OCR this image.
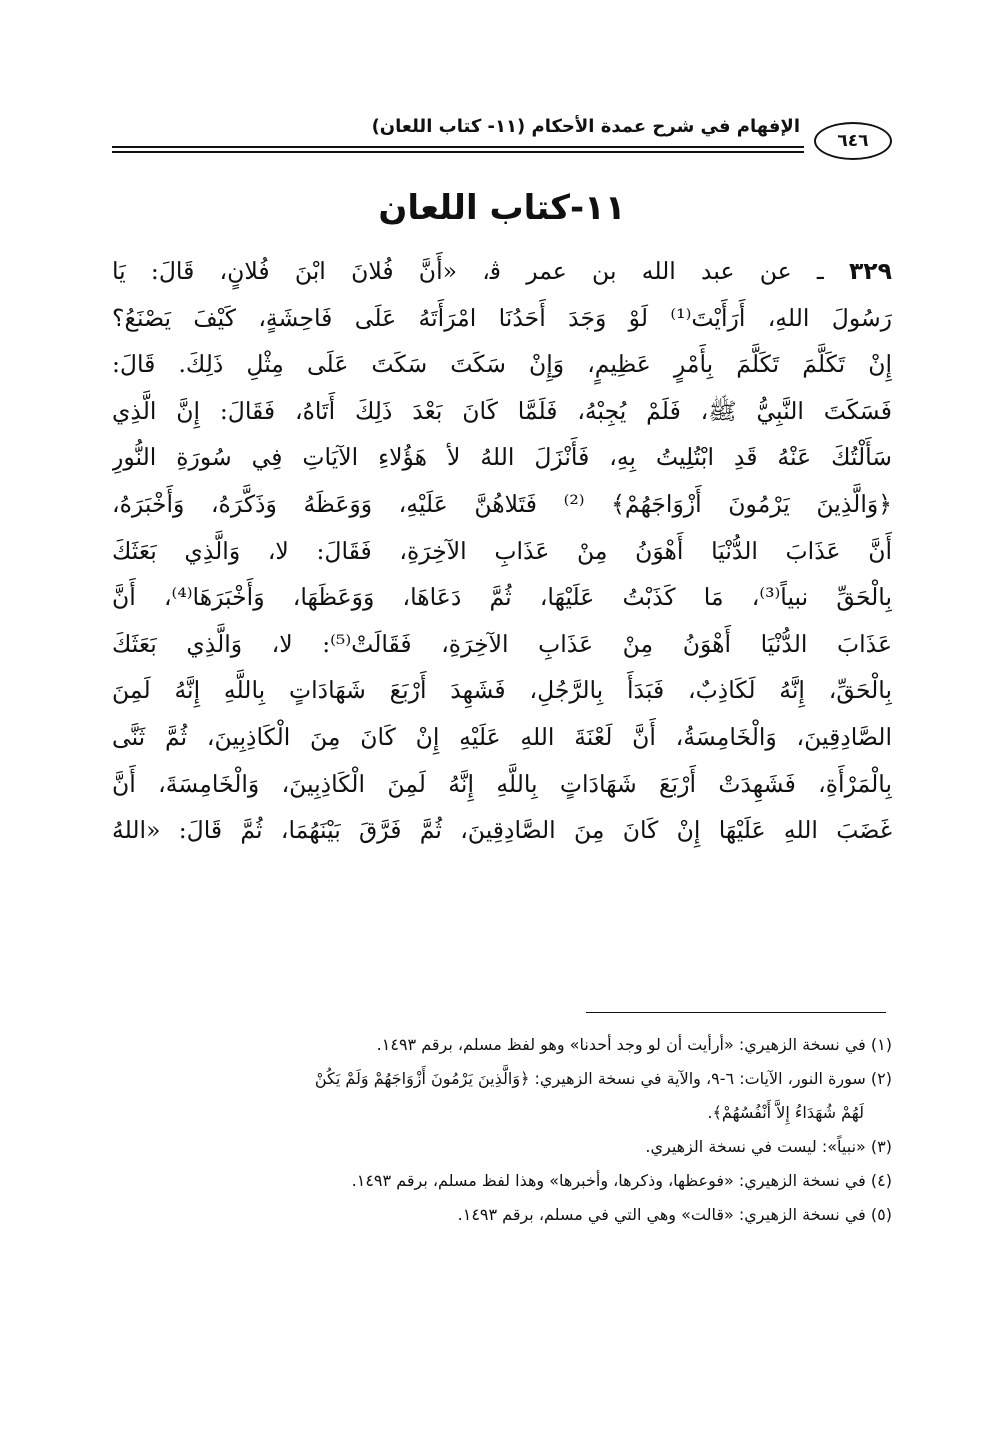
٦٤٦
الإفهام في شرح عمدة الأحكام (١١- كتاب اللعان)
١١-كتاب اللعان
٣٢٩ ـ عن عبد الله بن عمر ﭬ، «أَنَّ فُلانَ ابْنَ فُلانٍ، قَالَ: يَا
رَسُولَ اللهِ، أَرَأَيْتَ⁽¹⁾ لَوْ وَجَدَ أَحَدُنَا امْرَأَتَهُ عَلَى فَاحِشَةٍ، كَيْفَ يَصْنَعُ؟
إِنْ تَكَلَّمَ تَكَلَّمَ بِأَمْرٍ عَظِيمٍ، وَإِنْ سَكَتَ سَكَتَ عَلَى مِثْلِ ذَلِكَ. قَالَ:
فَسَكَتَ النَّبِيُّ ﷺ، فَلَمْ يُجِبْهُ، فَلَمَّا كَانَ بَعْدَ ذَلِكَ أَتَاهُ، فَقَالَ: إِنَّ الَّذِي
سَأَلْتُكَ عَنْهُ قَدِ ابْتُلِيتُ بِهِ، فَأَنْزَلَ اللهُ ﻷ هَؤُلاءِ الآيَاتِ فِي سُورَةِ النُّورِ
﴿وَالَّذِينَ يَرْمُونَ أَزْوَاجَهُمْ﴾ ⁽²⁾ فَتَلاهُنَّ عَلَيْهِ، وَوَعَظَهُ وَذَكَّرَهُ، وَأَخْبَرَهُ،
أَنَّ عَذَابَ الدُّنْيَا أَهْوَنُ مِنْ عَذَابِ الآخِرَةِ، فَقَالَ: لا، وَالَّذِي بَعَثَكَ
بِالْحَقِّ نبياً⁽³⁾، مَا كَذَبْتُ عَلَيْهَا، ثُمَّ دَعَاهَا، وَوَعَظَهَا، وَأَخْبَرَهَا⁽⁴⁾، أَنَّ
عَذَابَ الدُّنْيَا أَهْوَنُ مِنْ عَذَابِ الآخِرَةِ، فَقَالَتْ⁽⁵⁾: لا، وَالَّذِي بَعَثَكَ
بِالْحَقِّ، إِنَّهُ لَكَاذِبٌ، فَبَدَأَ بِالرَّجُلِ، فَشَهِدَ أَرْبَعَ شَهَادَاتٍ بِاللَّهِ إِنَّهُ لَمِنَ
الصَّادِقِينَ، وَالْخَامِسَةُ، أَنَّ لَعْنَةَ اللهِ عَلَيْهِ إِنْ كَانَ مِنَ الْكَاذِبِينَ، ثُمَّ ثَنَّى
بِالْمَرْأَةِ، فَشَهِدَتْ أَرْبَعَ شَهَادَاتٍ بِاللَّهِ إِنَّهُ لَمِنَ الْكَاذِبِينَ، وَالْخَامِسَةَ، أَنَّ
غَضَبَ اللهِ عَلَيْهَا إِنْ كَانَ مِنَ الصَّادِقِينَ، ثُمَّ فَرَّقَ بَيْنَهُمَا، ثُمَّ قَالَ: «اللهُ
(١) في نسخة الزهيري: «أرأيت أن لو وجد أحدنا» وهو لفظ مسلم، برقم ١٤٩٣.
(٢) سورة النور، الآيات: ٦-٩، والآية في نسخة الزهيري: ﴿وَالَّذِينَ يَرْمُونَ أَزْوَاجَهُمْ وَلَمْ يَكُنْ
لَهُمْ شُهَدَاءُ إِلاَّ أَنْفُسُهُمْ﴾.
(٣) «نبياً»: ليست في نسخة الزهيري.
(٤) في نسخة الزهيري: «فوعظها، وذكرها، وأخبرها» وهذا لفظ مسلم، برقم ١٤٩٣.
(٥) في نسخة الزهيري: «قالت» وهي التي في مسلم، برقم ١٤٩٣.
